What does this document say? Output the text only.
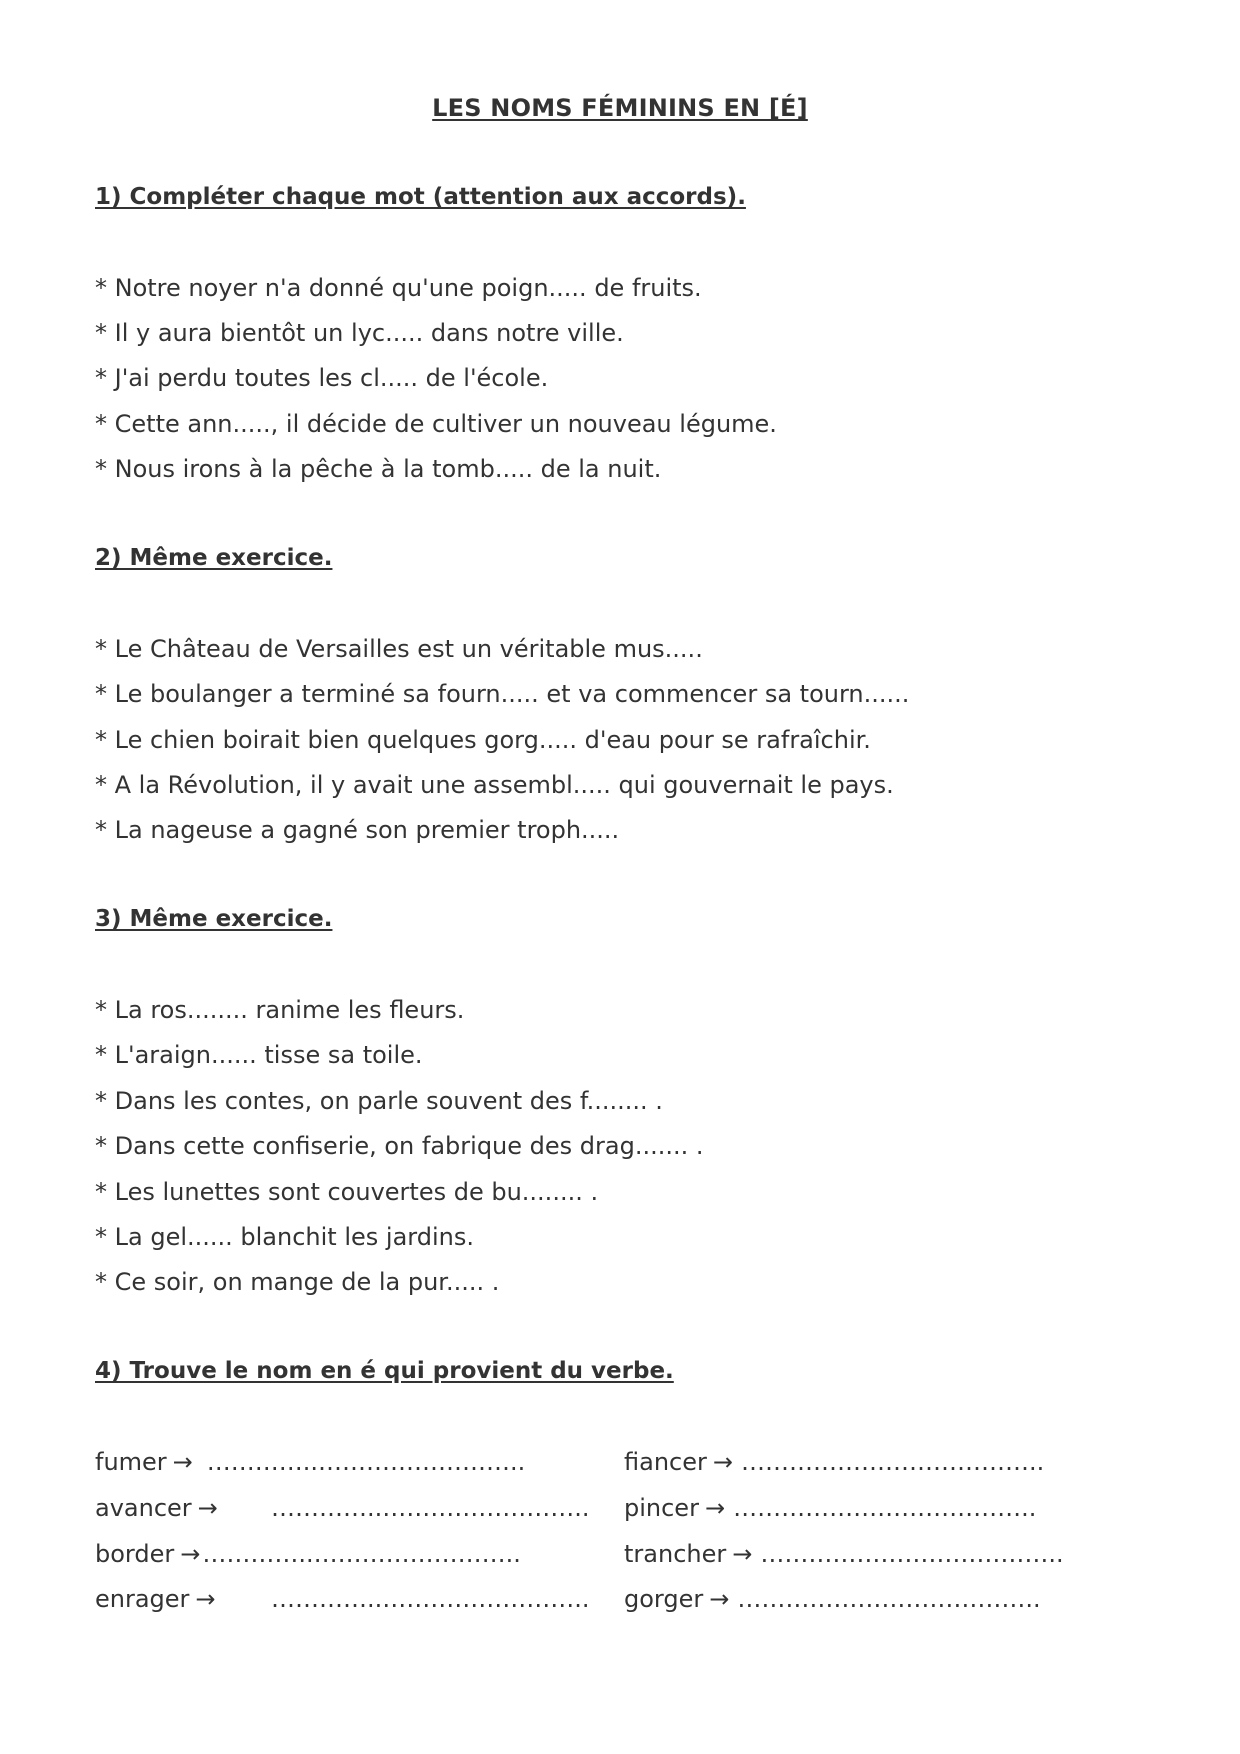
LES NOMS FÉMININS EN [É]
1) Compléter chaque mot (attention aux accords).
* Notre noyer n'a donné qu'une poign..... de fruits.
* Il y aura bientôt un lyc..... dans notre ville.
* J'ai perdu toutes les cl..... de l'école.
* Cette ann....., il décide de cultiver un nouveau légume.
* Nous irons à la pêche à la tomb..... de la nuit.
2) Même exercice.
* Le Château de Versailles est un véritable mus.....
* Le boulanger a terminé sa fourn..... et va commencer sa tourn......
* Le chien boirait bien quelques gorg..... d'eau pour se rafraîchir.
* A la Révolution, il y avait une assembl..... qui gouvernait le pays.
* La nageuse a gagné son premier troph.....
3) Même exercice.
* La ros........ ranime les fleurs.
* L'araign...... tisse sa toile.
* Dans les contes, on parle souvent des f........ .
* Dans cette confiserie, on fabrique des drag....... .
* Les lunettes sont couvertes de bu........ .
* La gel...... blanchit les jardins.
* Ce soir, on mange de la pur..... .
4) Trouve le nom en é qui provient du verbe.
fumer → …………..……………………..
avancer → …………..……………………..
border →…………..……………………..
enrager → …………..……………………..
fiancer → ………………………………..
pincer → ………………………………..
trancher → ………………………………..
gorger → ………………………………..
